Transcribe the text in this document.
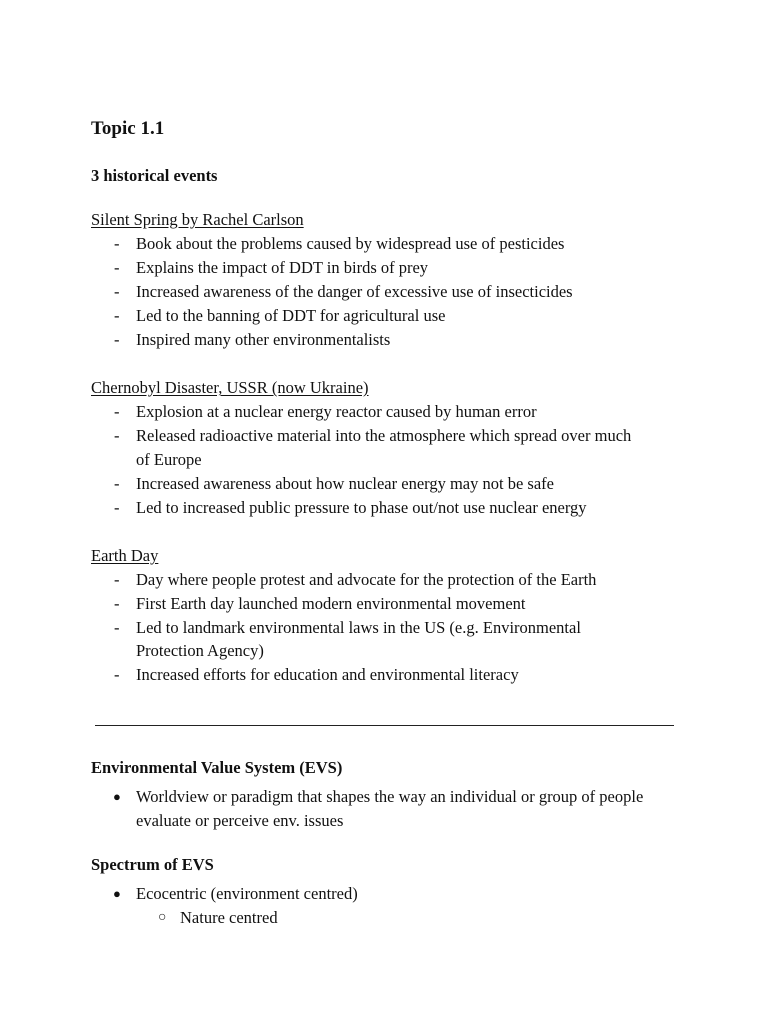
Topic 1.1
3 historical events
Silent Spring by Rachel Carlson
-	Book about the problems caused by widespread use of pesticides
-	Explains the impact of DDT in birds of prey
-	Increased awareness of the danger of excessive use of insecticides
-	Led to the banning of DDT for agricultural use
-	Inspired many other environmentalists
Chernobyl Disaster, USSR (now Ukraine)
-	Explosion at a nuclear energy reactor caused by human error
-	Released radioactive material into the atmosphere which spread over much
of Europe
-	Increased awareness about how nuclear energy may not be safe
-	Led to increased public pressure to phase out/not use nuclear energy
Earth Day
-	Day where people protest and advocate for the protection of the Earth
-	First Earth day launched modern environmental movement
-	Led to landmark environmental laws in the US (e.g. Environmental
Protection Agency)
-	Increased efforts for education and environmental literacy
Environmental Value System (EVS)
● Worldview or paradigm that shapes the way an individual or group of people
evaluate or perceive env. issues
Spectrum of EVS
● Ecocentric (environment centred)
○ Nature centred
